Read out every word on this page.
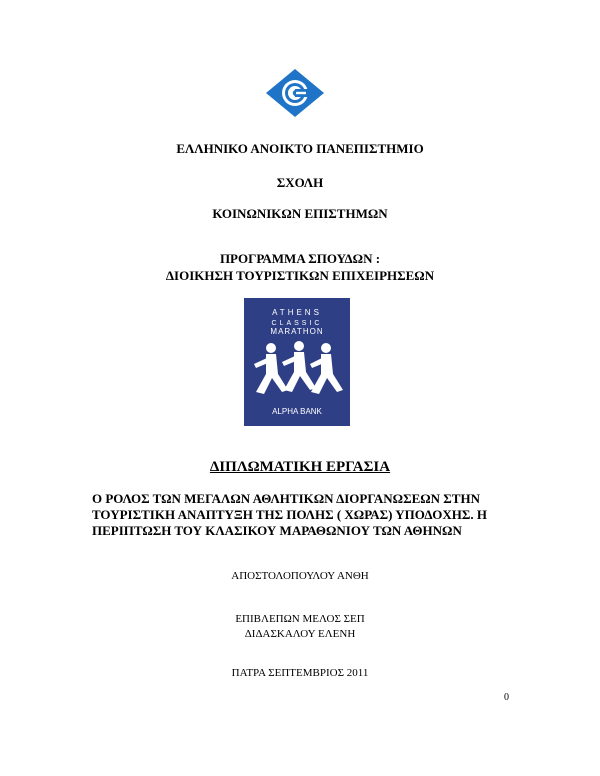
ΕΛΛΗΝΙΚΟ ΑΝΟΙΚΤΟ ΠΑΝΕΠΙΣΤΗΜΙΟ
ΣΧΟΛΗ
ΚΟΙΝΩΝΙΚΩΝ ΕΠΙΣΤΗΜΩΝ
ΠΡΟΓΡΑΜΜΑ ΣΠΟΥΔΩΝ :
ΔΙΟΙΚΗΣΗ ΤΟΥΡΙΣΤΙΚΩΝ ΕΠΙΧΕΙΡΗΣΕΩΝ
ATHENS
CLASSIC
MARATHON
ALPHA BANK
ΔΙΠΛΩΜΑΤΙΚΗ ΕΡΓΑΣΙΑ
Ο ΡΟΛΟΣ ΤΩΝ ΜΕΓΑΛΩΝ ΑΘΛΗΤΙΚΩΝ ΔΙΟΡΓΑΝΩΣΕΩΝ ΣΤΗΝ
ΤΟΥΡΙΣΤΙΚΗ ΑΝΑΠΤΥΞΗ ΤΗΣ ΠΟΛΗΣ ( ΧΩΡΑΣ) ΥΠΟΔΟΧΗΣ. Η
ΠΕΡΙΠΤΩΣΗ ΤΟΥ ΚΛΑΣΙΚΟΥ ΜΑΡΑΘΩΝΙΟΥ ΤΩΝ ΑΘΗΝΩΝ
ΑΠΟΣΤΟΛΟΠΟΥΛΟΥ ΑΝΘΗ
ΕΠΙΒΛΕΠΩΝ ΜΕΛΟΣ ΣΕΠ
ΔΙΔΑΣΚΑΛΟΥ ΕΛΕΝΗ
ΠΑΤΡΑ ΣΕΠΤΕΜΒΡΙΟΣ 2011
0
